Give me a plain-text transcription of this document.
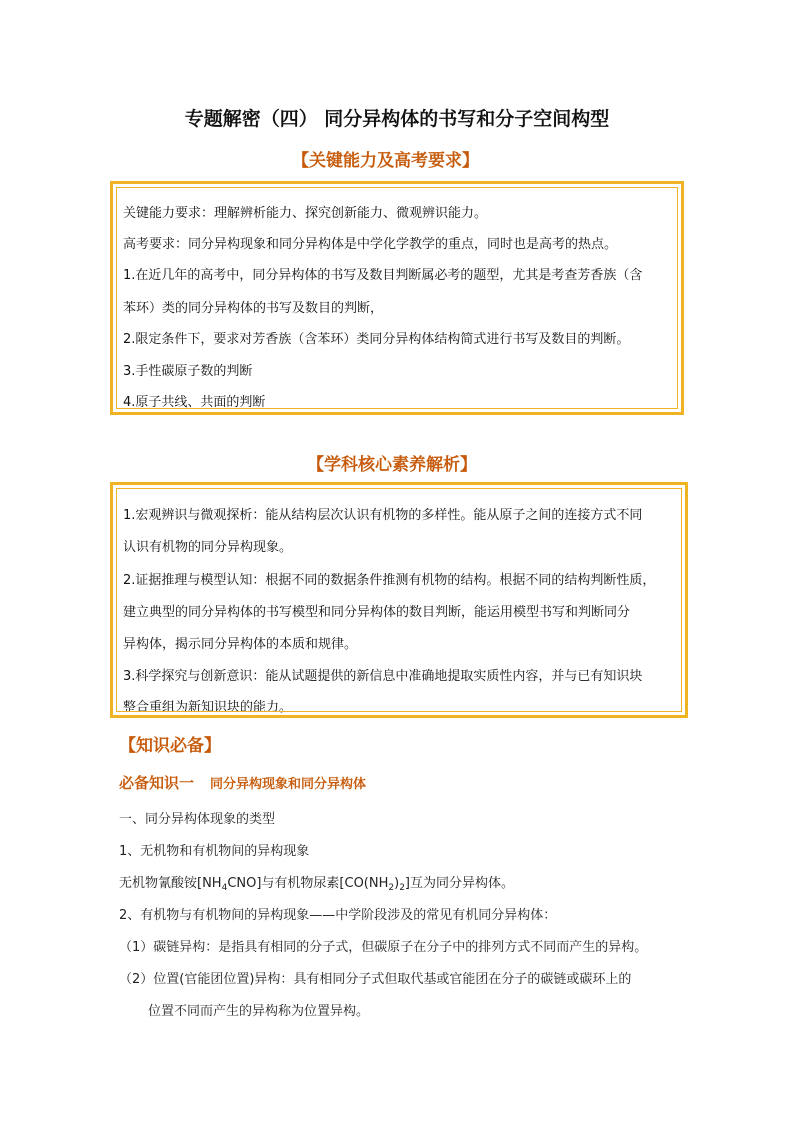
专题解密（四） 同分异构体的书写和分子空间构型
【关键能力及高考要求】
关键能力要求：理解辨析能力、探究创新能力、微观辨识能力。
高考要求：同分异构现象和同分异构体是中学化学教学的重点，同时也是高考的热点。
1.在近几年的高考中，同分异构体的书写及数目判断属必考的题型，尤其是考查芳香族（含
苯环）类的同分异构体的书写及数目的判断，
2.限定条件下，要求对芳香族（含苯环）类同分异构体结构简式进行书写及数目的判断。
3.手性碳原子数的判断
4.原子共线、共面的判断
【学科核心素养解析】
1.宏观辨识与微观探析：能从结构层次认识有机物的多样性。能从原子之间的连接方式不同
认识有机物的同分异构现象。
2.证据推理与模型认知：根据不同的数据条件推测有机物的结构。根据不同的结构判断性质，
建立典型的同分异构体的书写模型和同分异构体的数目判断，能运用模型书写和判断同分
异构体，揭示同分异构体的本质和规律。
3.科学探究与创新意识：能从试题提供的新信息中准确地提取实质性内容，并与已有知识块
整合重组为新知识块的能力。
【知识必备】
必备知识一 同分异构现象和同分异构体
一、同分异构体现象的类型
1、无机物和有机物间的异构现象
无机物氰酸铵$[NH_4CNO]$与有机物尿素$[CO(NH_2)_2]$互为同分异构体。
2、有机物与有机物间的异构现象——中学阶段涉及的常见有机同分异构体：
（1）碳链异构：是指具有相同的分子式，但碳原子在分子中的排列方式不同而产生的异构。
（2）位置(官能团位置)异构：具有相同分子式但取代基或官能团在分子的碳链或碳环上的
位置不同而产生的异构称为位置异构。
